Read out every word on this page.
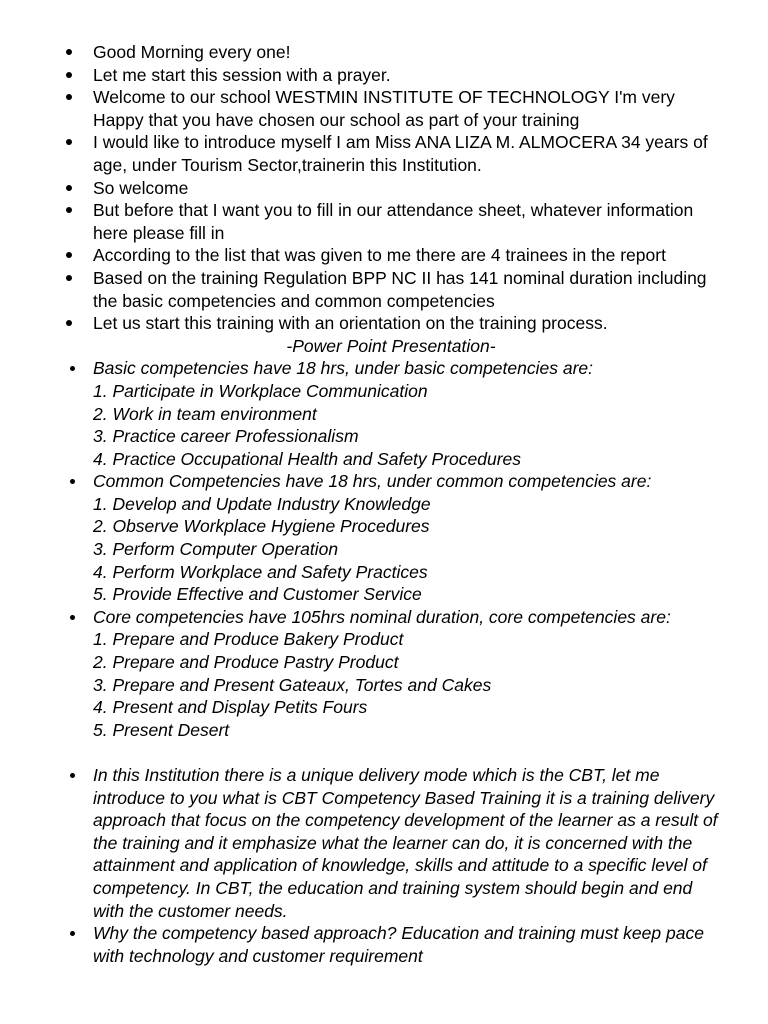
Good Morning every one!
Let me start this session with a prayer.
Welcome to our school WESTMIN INSTITUTE OF TECHNOLOGY I'm very Happy that you have chosen our school as part of your training
I would like to introduce myself I am Miss ANA LIZA M. ALMOCERA 34 years of age, under Tourism Sector,trainerin this Institution.
So welcome
But before that I want you to fill in our attendance sheet, whatever information here please fill in
According to the list that was given to me there are 4 trainees in the report
Based on the training Regulation BPP NC II has 141 nominal duration including the basic competencies and common competencies
Let us start this training with an orientation on the training process.
-Power Point Presentation-
Basic competencies have 18 hrs, under basic competencies are:
1. Participate in Workplace Communication
2. Work in team environment
3. Practice career Professionalism
4. Practice Occupational Health and Safety Procedures
Common Competencies have 18 hrs, under common competencies are:
1. Develop and Update Industry Knowledge
2. Observe Workplace Hygiene Procedures
3. Perform Computer Operation
4. Perform Workplace and Safety Practices
5. Provide Effective and Customer Service
Core competencies have 105hrs nominal duration, core competencies are:
1. Prepare and Produce Bakery Product
2. Prepare and Produce Pastry Product
3. Prepare and Present Gateaux, Tortes and Cakes
4. Present and Display Petits Fours
5. Present Desert
In this Institution there is a unique delivery mode which is the CBT, let me introduce to you what is CBT Competency Based Training it is a training delivery approach that focus on the competency development of the learner as a result of the training and it emphasize what the learner can do, it is concerned with the attainment and application of knowledge, skills and attitude to a specific level of competency. In CBT, the education and training system should begin and end with the customer needs.
Why the competency based approach? Education and training must keep pace with technology and customer requirement
